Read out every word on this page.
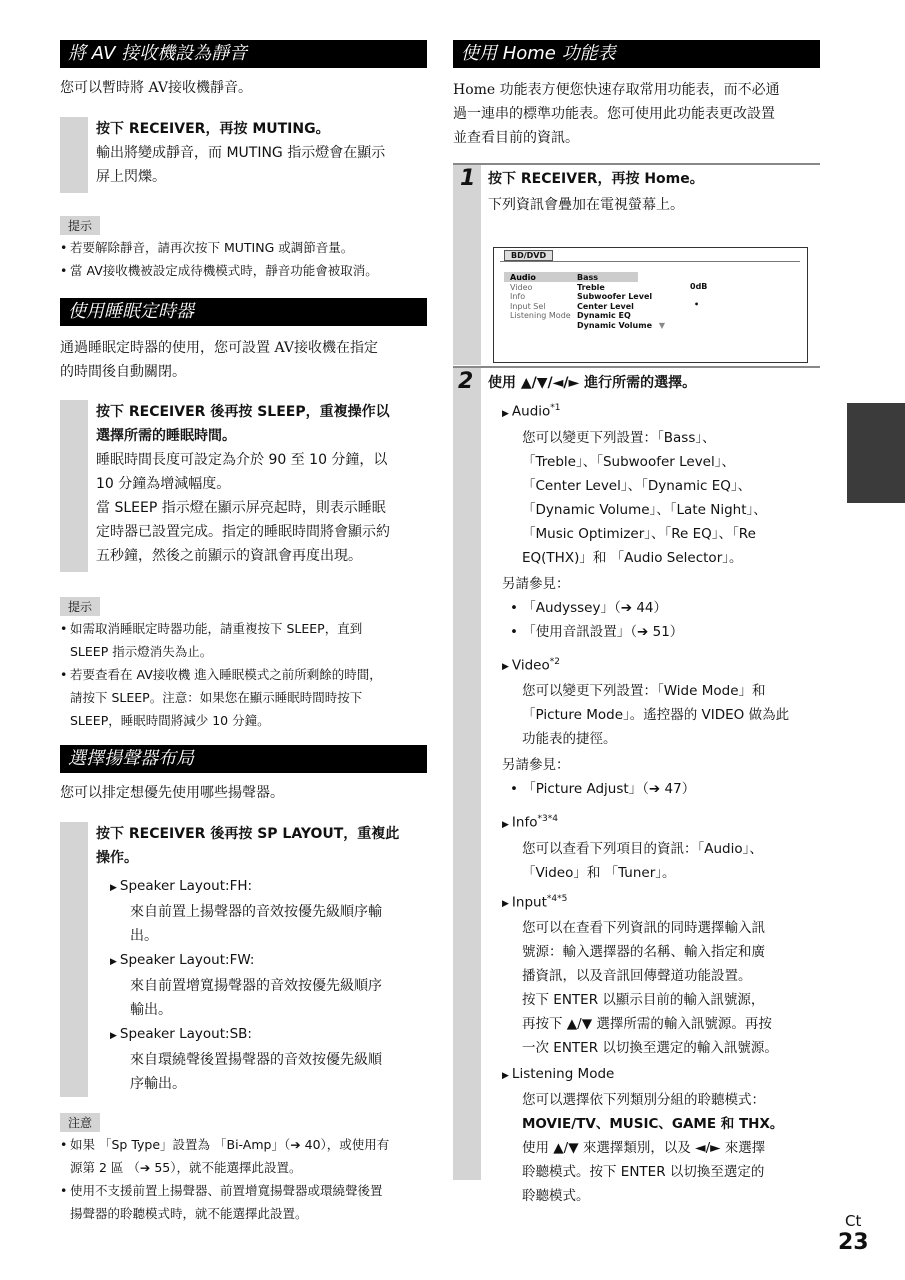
將 AV 接收機設為靜音
您可以暫時將 AV接收機靜音。
按下 RECEIVER，再按 MUTING。
輸出將變成靜音，而 MUTING 指示燈會在顯示
屏上閃爍。
提示
• 若要解除靜音，請再次按下 MUTING 或調節音量。
• 當 AV接收機被設定成待機模式時，靜音功能會被取消。
使用睡眠定時器
通過睡眠定時器的使用，您可設置 AV接收機在指定
的時間後自動關閉。
按下 RECEIVER 後再按 SLEEP，重複操作以
選擇所需的睡眠時間。
睡眠時間長度可設定為介於 90 至 10 分鐘，以
10 分鐘為增減幅度。
當 SLEEP 指示燈在顯示屏亮起時，則表示睡眠
定時器已設置完成。指定的睡眠時間將會顯示約
五秒鐘，然後之前顯示的資訊會再度出現。
提示
• 如需取消睡眠定時器功能，請重複按下 SLEEP，直到
SLEEP 指示燈消失為止。
• 若要查看在 AV接收機 進入睡眠模式之前所剩餘的時間，
請按下 SLEEP。注意：如果您在顯示睡眠時間時按下
SLEEP，睡眠時間將減少 10 分鐘。
選擇揚聲器布局
您可以排定想優先使用哪些揚聲器。
按下 RECEIVER 後再按 SP LAYOUT，重複此
操作。
▶ Speaker Layout:FH:
來自前置上揚聲器的音效按優先級順序輸
出。
▶ Speaker Layout:FW:
來自前置增寬揚聲器的音效按優先級順序
輸出。
▶ Speaker Layout:SB:
來自環繞聲後置揚聲器的音效按優先級順
序輸出。
注意
• 如果 「Sp Type」設置為 「Bi-Amp」（➔ 40），或使用有
源第 2 區 （➔ 55），就不能選擇此設置。
• 使用不支援前置上揚聲器、前置增寬揚聲器或環繞聲後置
揚聲器的聆聽模式時，就不能選擇此設置。
使用 Home 功能表
Home 功能表方便您快速存取常用功能表，而不必通
過一連串的標準功能表。您可使用此功能表更改設置
並查看目前的資訊。
1 按下 RECEIVER，再按 Home。
下列資訊會疊加在電視螢幕上。
BD/DVD
Audio
Video
Info
Input Sel
Listening Mode
Bass
Treble
Subwoofer Level
Center Level
Dynamic EQ
Dynamic Volume ▼
0dB
•
2 使用 ▲/▼/◄/► 進行所需的選擇。
▶ Audio$^{*1}$
您可以變更下列設置：「Bass」、
「Treble」、「Subwoofer Level」、
「Center Level」、「Dynamic EQ」、
「Dynamic Volume」、「Late Night」、
「Music Optimizer」、「Re EQ」、「Re
EQ(THX)」和 「Audio Selector」。
另請參見：
• 「Audyssey」（➔ 44）
• 「使用音訊設置」（➔ 51）
▶ Video$^{*2}$
您可以變更下列設置：「Wide Mode」和
「Picture Mode」。遙控器的 VIDEO 做為此
功能表的捷徑。
另請參見：
• 「Picture Adjust」（➔ 47）
▶ Info$^{*3*4}$
您可以查看下列項目的資訊：「Audio」、
「Video」和 「Tuner」。
▶ Input$^{*4*5}$
您可以在查看下列資訊的同時選擇輸入訊
號源：輸入選擇器的名稱、輸入指定和廣
播資訊，以及音訊回傳聲道功能設置。
按下 ENTER 以顯示目前的輸入訊號源，
再按下 ▲/▼ 選擇所需的輸入訊號源。再按
一次 ENTER 以切換至選定的輸入訊號源。
▶ Listening Mode
您可以選擇依下列類別分組的聆聽模式：
MOVIE/TV、MUSIC、GAME 和 THX。
使用 ▲/▼ 來選擇類別，以及 ◄/► 來選擇
聆聽模式。按下 ENTER 以切換至選定的
聆聽模式。
Ct
23
